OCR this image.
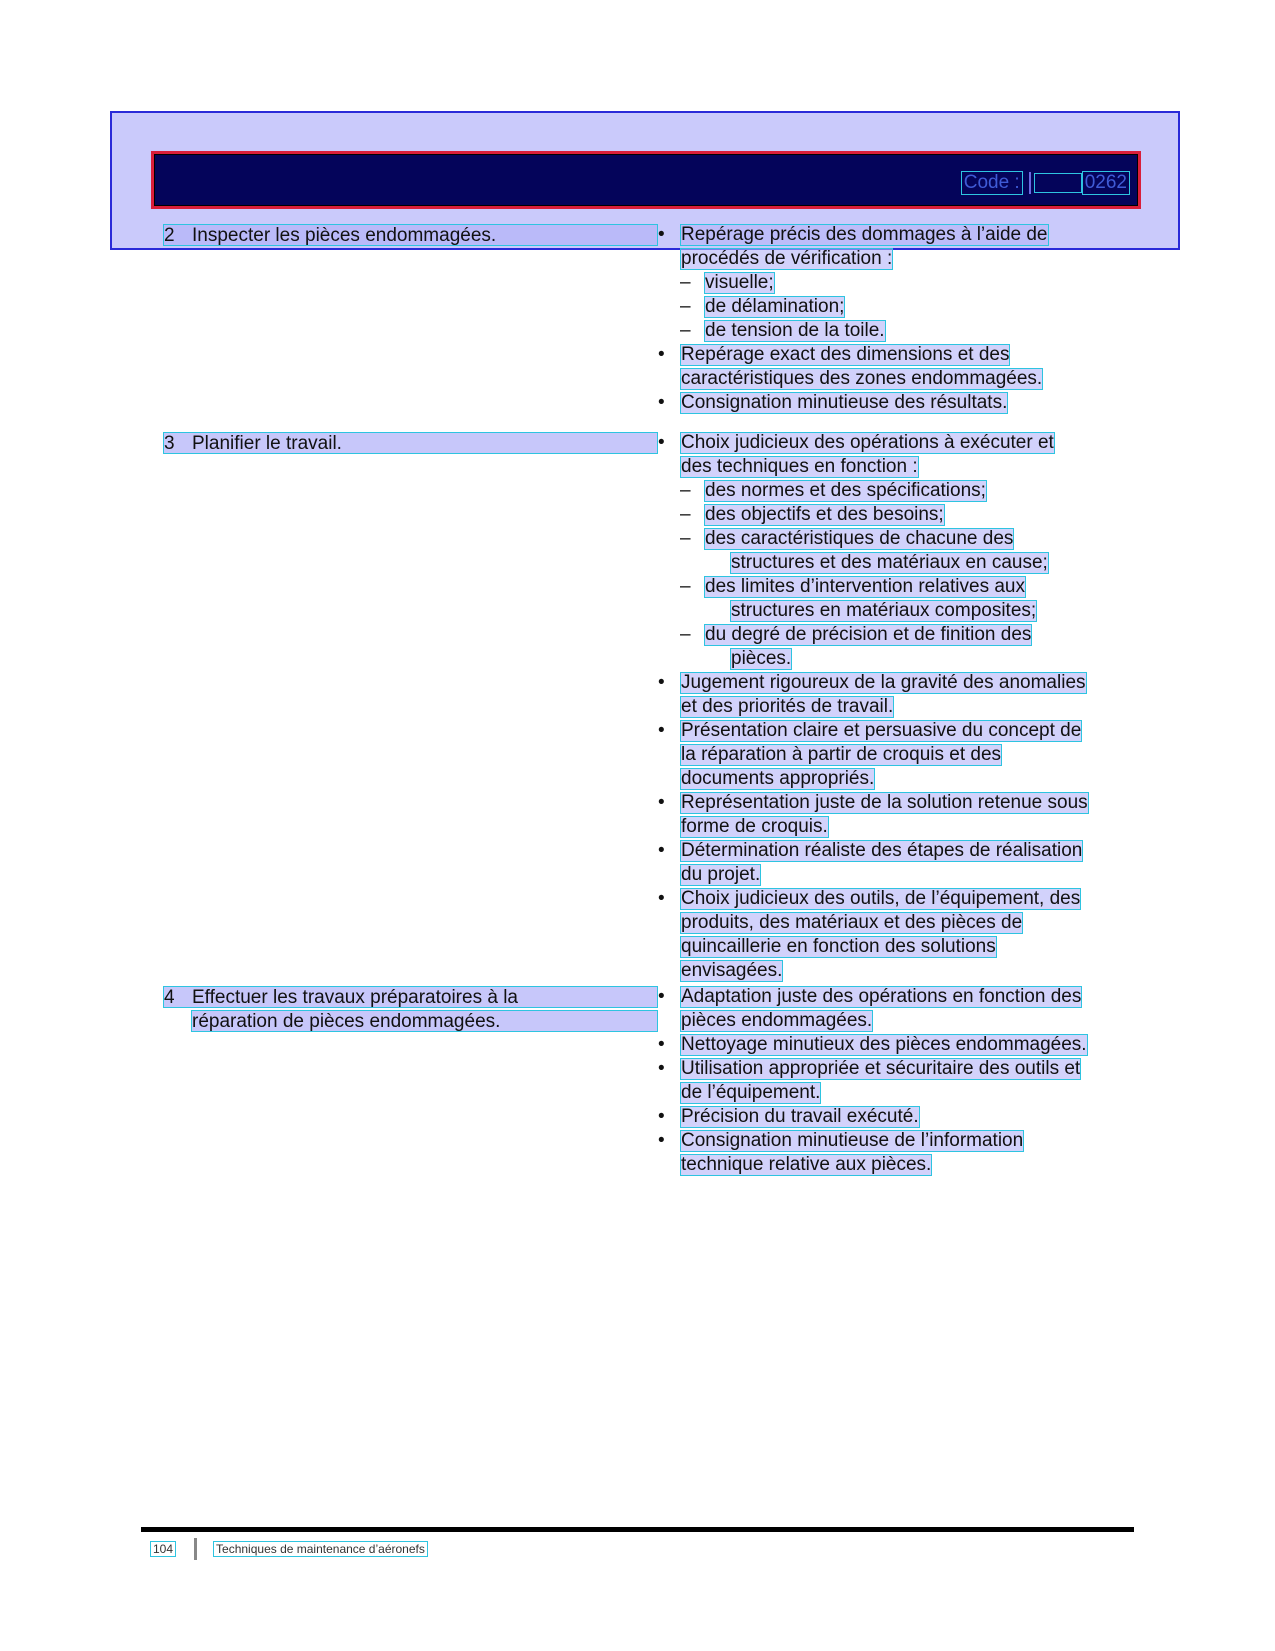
Code :	0262
2 Inspecter les pièces endommagées.	• Repérage précis des dommages à l’aide de
procédés de vérification :
– visuelle;
– de délamination;
– de tension de la toile.
• Repérage exact des dimensions et des
caractéristiques des zones endommagées.
• Consignation minutieuse des résultats.
3 Planifier le travail.	• Choix judicieux des opérations à exécuter et
des techniques en fonction :
– des normes et des spécifications;
– des objectifs et des besoins;
– des caractéristiques de chacune des
structures et des matériaux en cause;
– des limites d’intervention relatives aux
structures en matériaux composites;
– du degré de précision et de finition des
pièces.
• Jugement rigoureux de la gravité des anomalies
et des priorités de travail.
• Présentation claire et persuasive du concept de
la réparation à partir de croquis et des
documents appropriés.
• Représentation juste de la solution retenue sous
forme de croquis.
• Détermination réaliste des étapes de réalisation
du projet.
• Choix judicieux des outils, de l’équipement, des
produits, des matériaux et des pièces de
quincaillerie en fonction des solutions
envisagées.
4 Effectuer les travaux préparatoires à la
réparation de pièces endommagées.
• Adaptation juste des opérations en fonction des
pièces endommagées.
• Nettoyage minutieux des pièces endommagées.
• Utilisation appropriée et sécuritaire des outils et
de l’équipement.
• Précision du travail exécuté.
• Consignation minutieuse de l’information
technique relative aux pièces.
104	Techniques de maintenance d’aéronefs
